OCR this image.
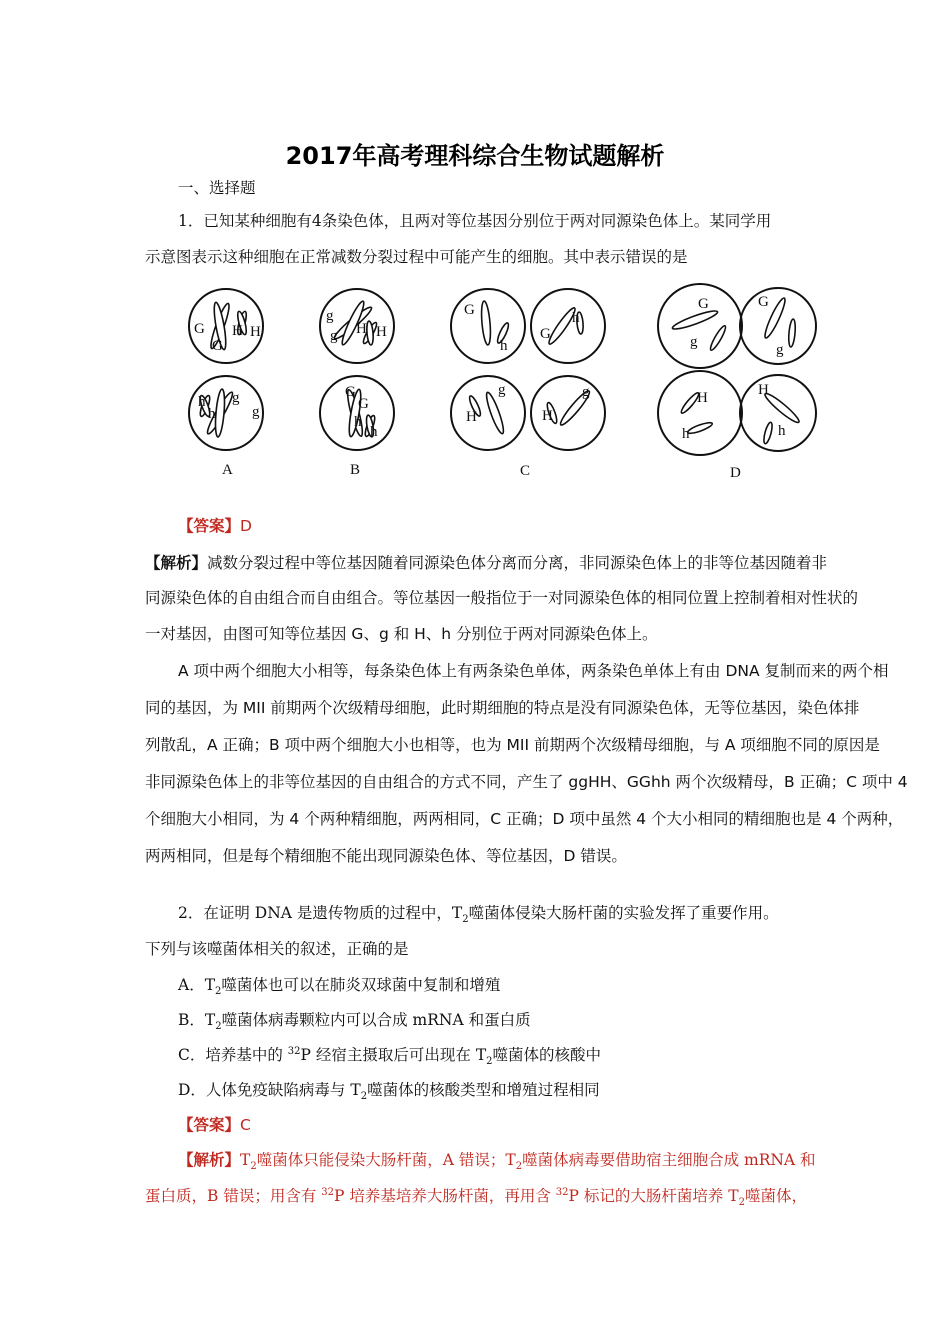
2017年高考理科综合生物试题解析
一、选择题
1．已知某种细胞有4条染色体，且两对等位基因分别位于两对同源染色体上。某同学用
示意图表示这种细胞在正常减数分裂过程中可能产生的细胞。其中表示错误的是
G
G
H H
h
h
g
g
g
g H H
G
G
h
h
G
h
G
h
g
H
g
H
G
g
G
g
H
h
H
h
A	B	C	D
【答案】D
【解析】减数分裂过程中等位基因随着同源染色体分离而分离，非同源染色体上的非等位基因随着非
同源染色体的自由组合而自由组合。等位基因一般指位于一对同源染色体的相同位置上控制着相对性状的
一对基因，由图可知等位基因 G、g 和 H、h 分别位于两对同源染色体上。
A 项中两个细胞大小相等，每条染色体上有两条染色单体，两条染色单体上有由 DNA 复制而来的两个相
同的基因，为 MII 前期两个次级精母细胞，此时期细胞的特点是没有同源染色体，无等位基因，染色体排
列散乱，A 正确；B 项中两个细胞大小也相等，也为 MII 前期两个次级精母细胞，与 A 项细胞不同的原因是
非同源染色体上的非等位基因的自由组合的方式不同，产生了 ggHH、GGhh 两个次级精母，B 正确；C 项中 4
个细胞大小相同，为 4 个两种精细胞，两两相同，C 正确；D 项中虽然 4 个大小相同的精细胞也是 4 个两种，
两两相同，但是每个精细胞不能出现同源染色体、等位基因，D 错误。
2．在证明 DNA 是遗传物质的过程中，$T_2$噬菌体侵染大肠杆菌的实验发挥了重要作用。
下列与该噬菌体相关的叙述，正确的是
A．$T_2$噬菌体也可以在肺炎双球菌中复制和增殖
B．$T_2$噬菌体病毒颗粒内可以合成 mRNA 和蛋白质
C．培养基中的 $^{32}$P 经宿主摄取后可出现在 $T_2$噬菌体的核酸中
D．人体免疫缺陷病毒与 $T_2$噬菌体的核酸类型和增殖过程相同
【答案】C
【解析】$T_2$噬菌体只能侵染大肠杆菌，A 错误；$T_2$噬菌体病毒要借助宿主细胞合成 mRNA 和
蛋白质，B 错误；用含有 $^{32}$P 培养基培养大肠杆菌，再用含 $^{32}$P 标记的大肠杆菌培养 $T_2$噬菌体，
